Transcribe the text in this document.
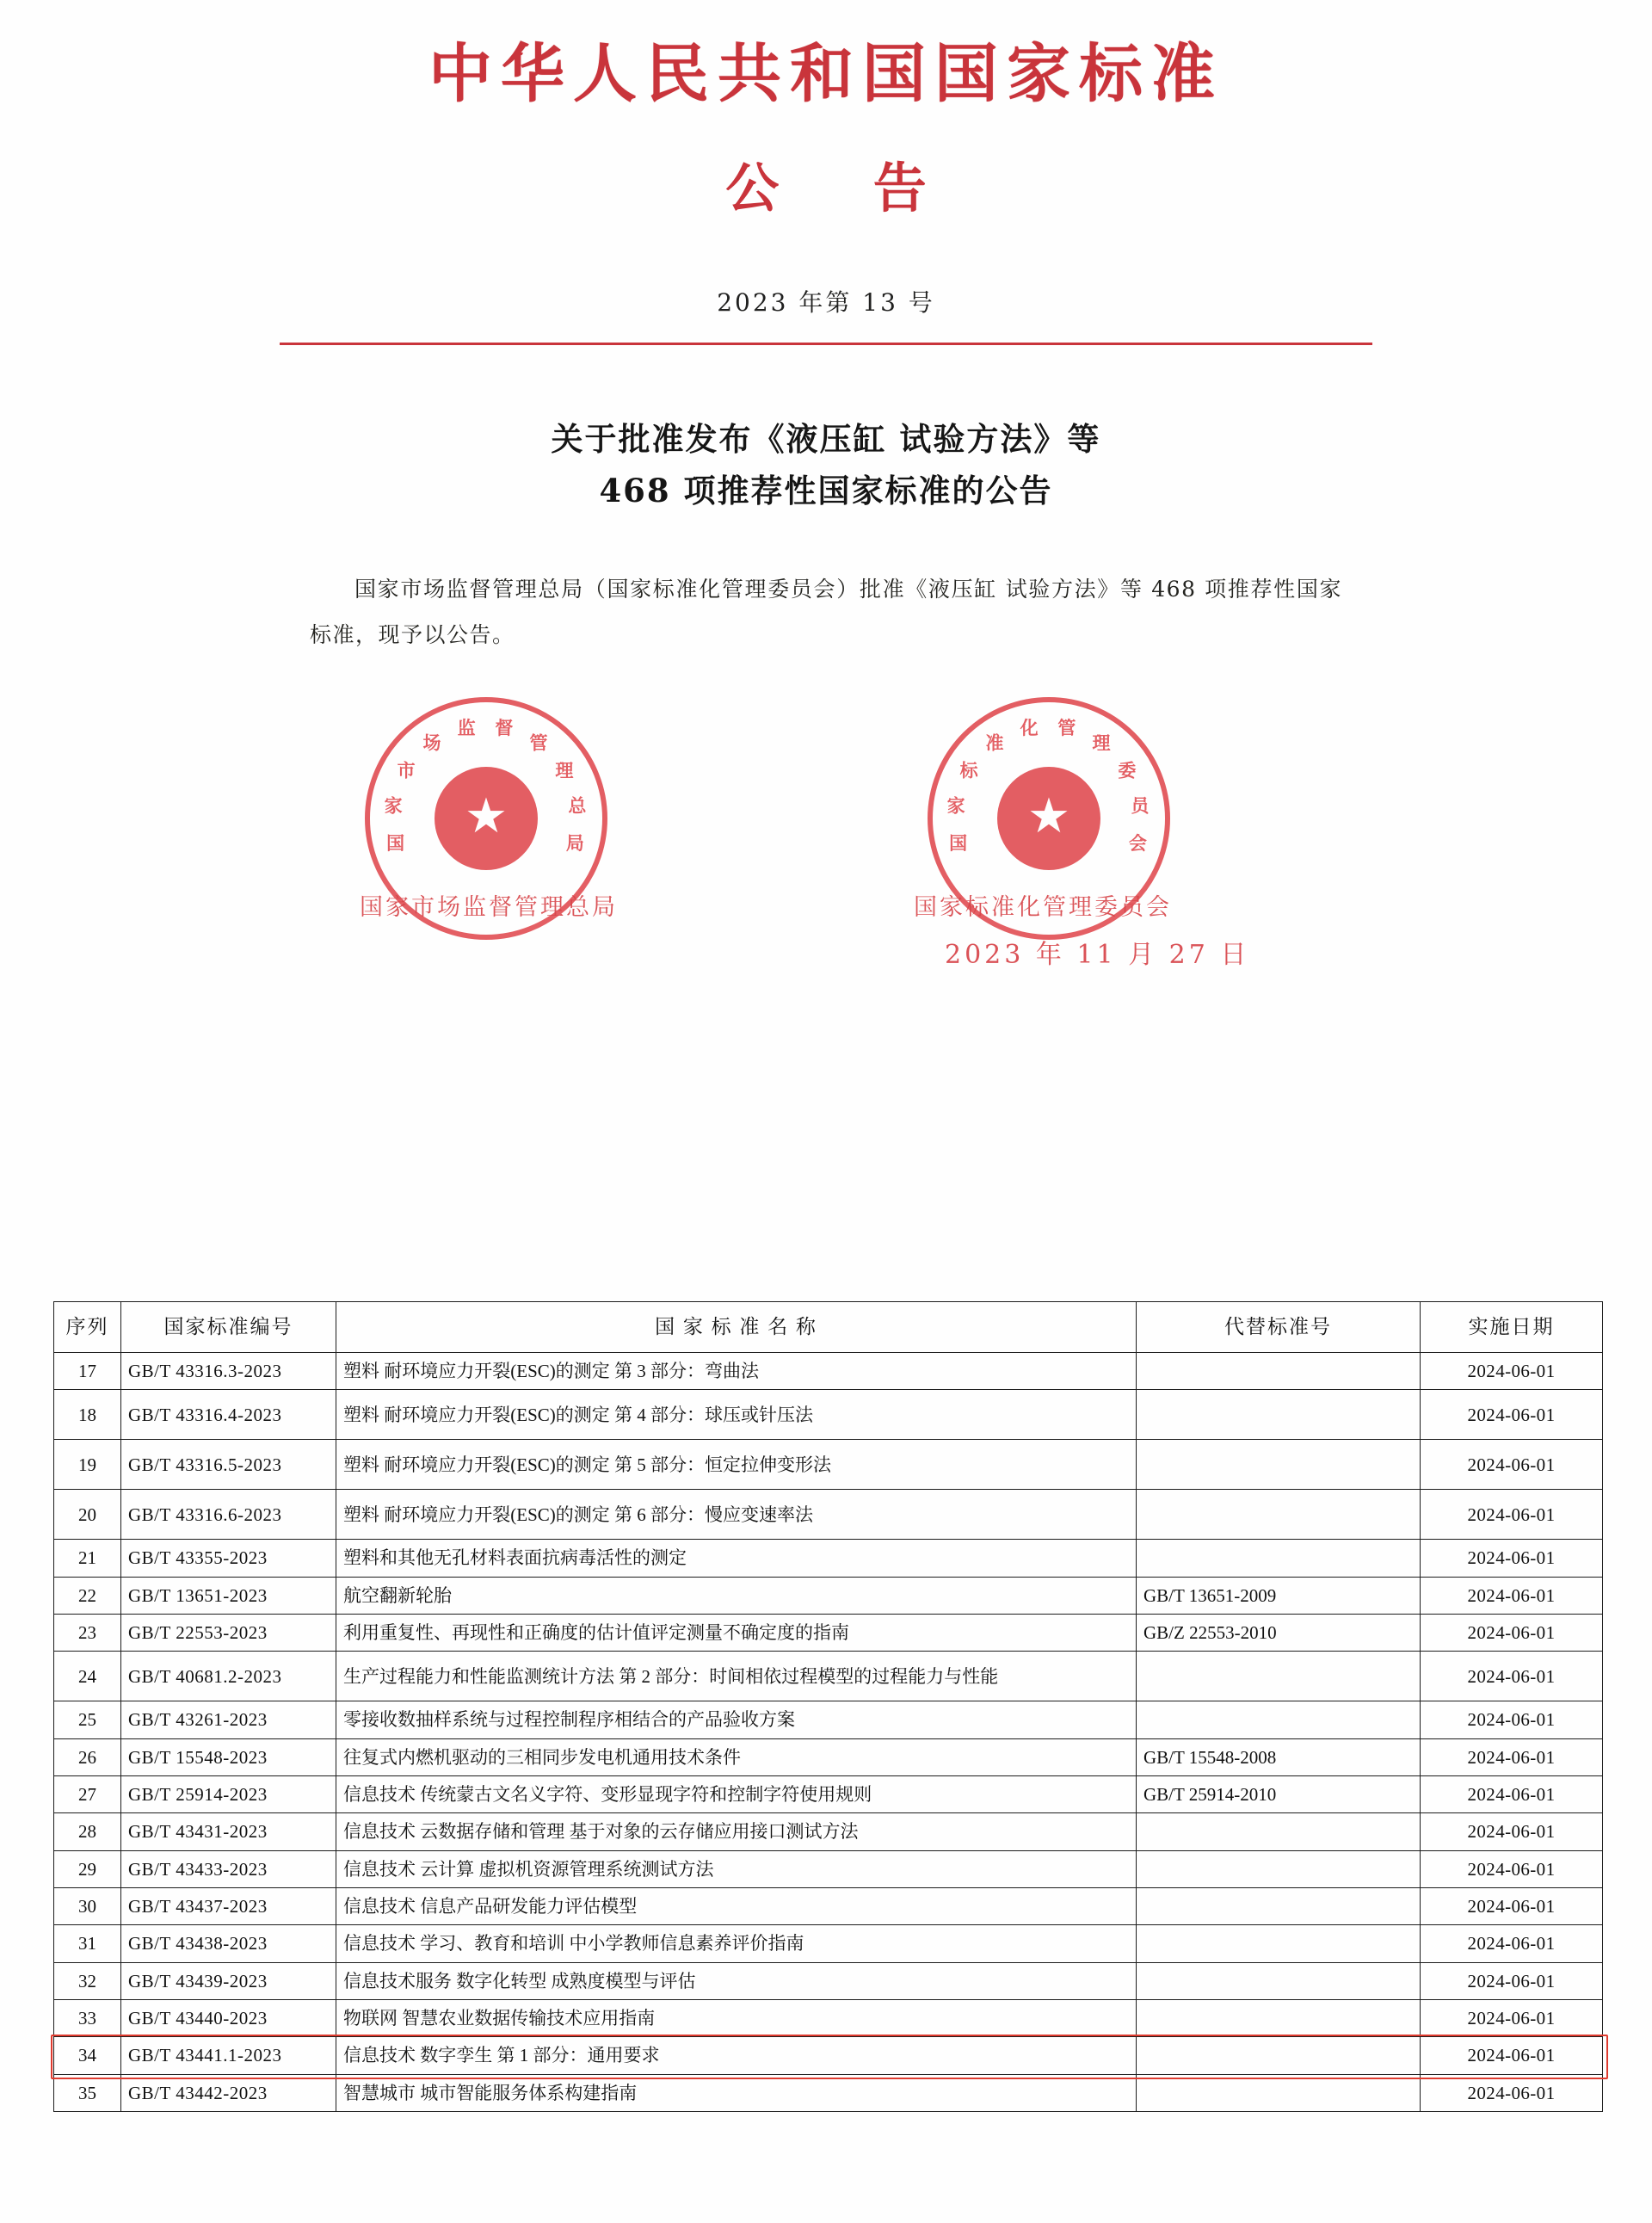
中华人民共和国国家标准
公 告
2023 年第 13 号
关于批准发布《液压缸 试验方法》等
468 项推荐性国家标准的公告
国家市场监督管理总局（国家标准化管理委员会）批准《液压缸 试验方法》等 468 项推荐性国家标准，现予以公告。
国
家
市
场
监 督
管
理
总
局 ★	国
家
标
准
化 管
理
委
员
会
★
国家市场监督管理总局	国家标准化管理委员会
2023 年 11 月 27 日
序列	国家标准编号	国 家 标 准 名 称	代替标准号	实施日期
17	GB/T 43316.3-2023	塑料 耐环境应力开裂(ESC)的测定 第 3 部分：弯曲法		2024-06-01
18	GB/T 43316.4-2023	塑料 耐环境应力开裂(ESC)的测定 第 4 部分：球压或针压法		2024-06-01
19	GB/T 43316.5-2023	塑料 耐环境应力开裂(ESC)的测定 第 5 部分：恒定拉伸变形法		2024-06-01
20	GB/T 43316.6-2023	塑料 耐环境应力开裂(ESC)的测定 第 6 部分：慢应变速率法		2024-06-01
21	GB/T 43355-2023	塑料和其他无孔材料表面抗病毒活性的测定		2024-06-01
22	GB/T 13651-2023	航空翻新轮胎	GB/T 13651-2009	2024-06-01
23	GB/T 22553-2023	利用重复性、再现性和正确度的估计值评定测量不确定度的指南	GB/Z 22553-2010	2024-06-01
24	GB/T 40681.2-2023	生产过程能力和性能监测统计方法 第 2 部分：时间相依过程模型的过程能力与性能		2024-06-01
25	GB/T 43261-2023	零接收数抽样系统与过程控制程序相结合的产品验收方案		2024-06-01
26	GB/T 15548-2023	往复式内燃机驱动的三相同步发电机通用技术条件	GB/T 15548-2008	2024-06-01
27	GB/T 25914-2023	信息技术 传统蒙古文名义字符、变形显现字符和控制字符使用规则	GB/T 25914-2010	2024-06-01
28	GB/T 43431-2023	信息技术 云数据存储和管理 基于对象的云存储应用接口测试方法		2024-06-01
29	GB/T 43433-2023	信息技术 云计算 虚拟机资源管理系统测试方法		2024-06-01
30	GB/T 43437-2023	信息技术 信息产品研发能力评估模型		2024-06-01
31	GB/T 43438-2023	信息技术 学习、教育和培训 中小学教师信息素养评价指南		2024-06-01
32	GB/T 43439-2023	信息技术服务 数字化转型 成熟度模型与评估		2024-06-01
33	GB/T 43440-2023	物联网 智慧农业数据传输技术应用指南		2024-06-01
34	GB/T 43441.1-2023	信息技术 数字孪生 第 1 部分：通用要求		2024-06-01
35	GB/T 43442-2023	智慧城市 城市智能服务体系构建指南		2024-06-01
